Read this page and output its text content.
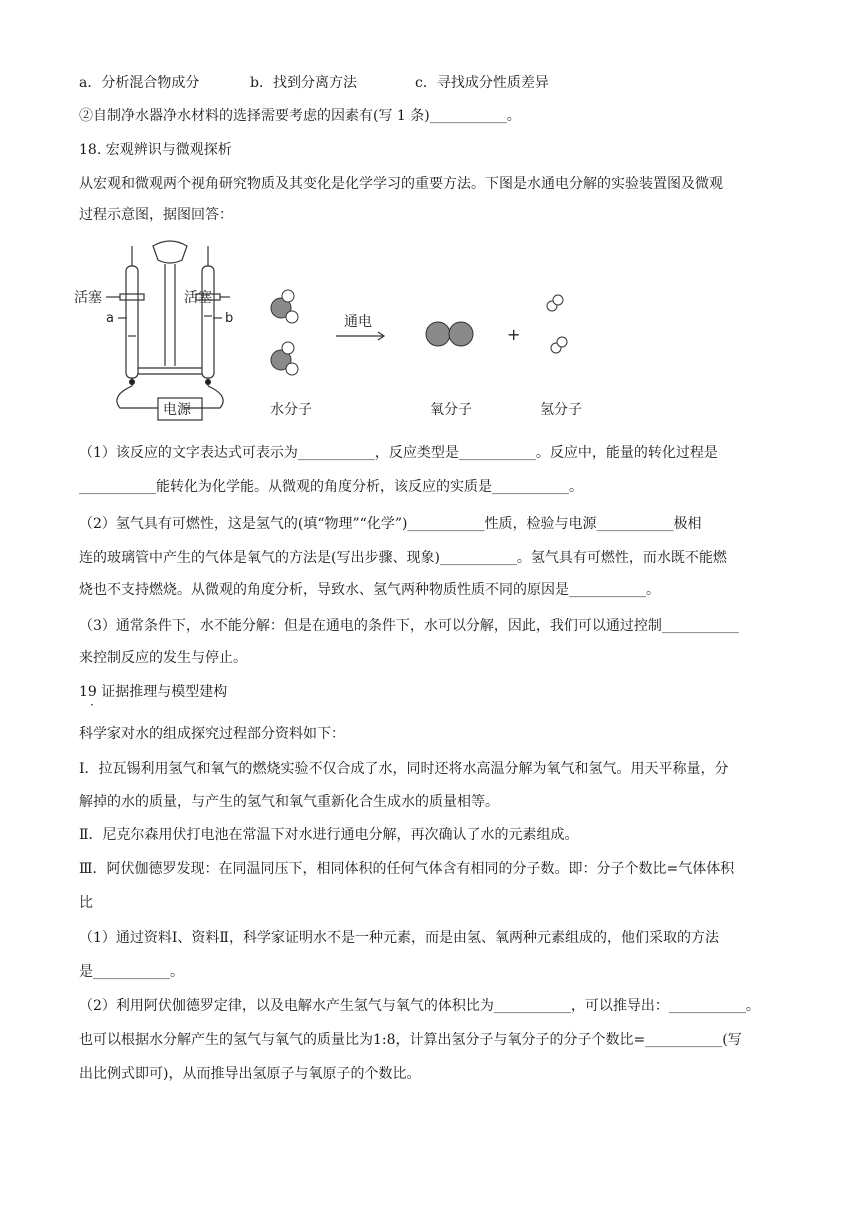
a．分析混合物成分	b．找到分离方法	c．寻找成分性质差异
②自制净水器净水材料的选择需要考虑的因素有(写 1 条)___________。
18. 宏观辨识与微观探析
从宏观和微观两个视角研究物质及其变化是化学学习的重要方法。下图是水通电分解的实验装置图及微观
过程示意图，据图回答：
活塞	活塞
a	b
电源	水分子
通电
氧分子
+
氢分子
（1）该反应的文字表达式可表示为___________，反应类型是___________。反应中，能量的转化过程是
___________能转化为化学能。从微观的角度分析，该反应的实质是___________。
（2）氢气具有可燃性，这是氢气的(填“物理”“化学”)___________性质，检验与电源___________极相
连的玻璃管中产生的气体是氧气的方法是(写出步骤、现象)___________。氢气具有可燃性，而水既不能燃
烧也不支持燃烧。从微观的角度分析，导致水、氢气两种物质性质不同的原因是___________。
（3）通常条件下，水不能分解：但是在通电的条件下，水可以分解，因此，我们可以通过控制___________
来控制反应的发生与停止。
19 证据推理与模型建构
·
科学家对水的组成探究过程部分资料如下：
I．拉瓦锡利用氢气和氧气的燃烧实验不仅合成了水，同时还将水高温分解为氧气和氢气。用天平称量，分
解掉的水的质量，与产生的氢气和氧气重新化合生成水的质量相等。
Ⅱ．尼克尔森用伏打电池在常温下对水进行通电分解，再次确认了水的元素组成。
Ⅲ．阿伏伽德罗发现：在同温同压下，相同体积的任何气体含有相同的分子数。即：分子个数比=气体体积
比
（1）通过资料Ⅰ、资料Ⅱ，科学家证明水不是一种元素，而是由氢、氧两种元素组成的，他们采取的方法
是___________。
（2）利用阿伏伽德罗定律，以及电解水产生氢气与氧气的体积比为___________，可以推导出：___________。
也可以根据水分解产生的氢气与氧气的质量比为1:8，计算出氢分子与氧分子的分子个数比=___________(写
出比例式即可)，从而推导出氢原子与氧原子的个数比。
